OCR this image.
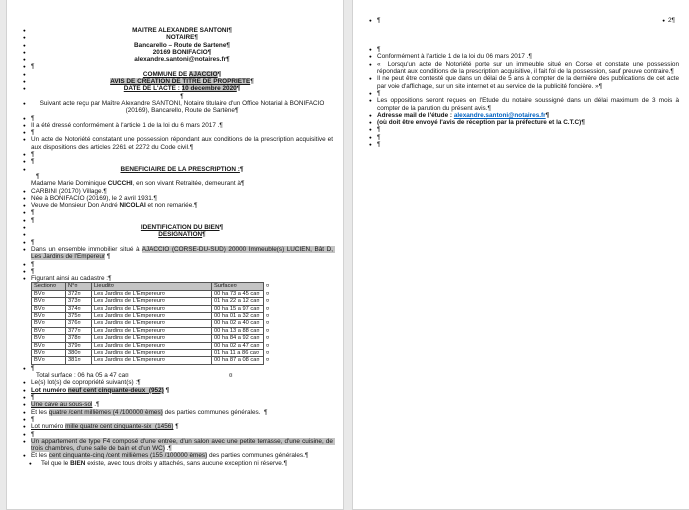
●	MAITRE ALEXANDRE SANTONI¶
●	NOTAIRE¶
●	Bancarello – Route de Sartene¶
●	20169 BONIFACIO¶
●	alexandre.santoni@notaires.fr¶
● ¶
●	COMMUNE DE AJACCIO¶
●	AVIS DE CREATION DE TITRE DE PROPRIETE¶
●	DATE DE L'ACTE : 10 decembre 2020¶
¶
●	Suivant acte reçu par Maître Alexandre SANTONI, Notaire titulaire d'un Office Notarial à BONIFACIO (20169), Bancarello, Route de Sartène¶
● ¶
● Il a été dressé conformément à l'article 1 de la loi du 6 mars 2017 .¶
● ¶
● Un acte de Notoriété constatant une possession répondant aux conditions de la prescription acquisitive et aux dispositions des articles 2261 et 2272 du Code civil.¶
● ¶
● ¶
●	BENEFICIAIRE DE LA PRESCRIPTION :¶
¶
Madame Marie Dominique CUCCHI, en son vivant Retraitée, demeurant à¶
● CARBINI (20170) Village.¶
● Née à BONIFACIO (20169), le 2 avril 1931.¶
● Veuve de Monsieur Don André NICOLAI et non remariée.¶
● ¶
● ¶
●	IDENTIFICATION DU BIEN¶
●	DESIGNATION¶
● ¶
● Dans un ensemble immobilier situé à AJACCIO (CORSE-DU-SUD) 20000 Immeuble(s) LUCIEN, Bât D, Les Jardins de l'Empereur ¶
● ¶
● ¶
● Figurant ainsi au cadastre :¶
Section¤	N°¤	Lieudit¤	Surface¤	¤
BV¤	372¤	Les Jardins de L'Empereur¤	00 ha 73 a 45 ca¤	¤
BV¤	373¤	Les Jardins de L'Empereur¤	01 ha 22 a 12 ca¤	¤
BV¤	374¤	Les Jardins de L'Empereur¤	00 ha 15 a 97 ca¤	¤
BV¤	375¤	Les Jardins de L'Empereur¤	00 ha 01 a 32 ca¤	¤
BV¤	376¤	Les Jardins de L'Empereur¤	00 ha 02 a 40 ca¤	¤
BV¤	377¤	Les Jardins de L'Empereur¤	00 ha 13 a 88 ca¤	¤
BV¤	378¤	Les Jardins de L'Empereur¤	00 ha 84 a 92 ca¤	¤
BV¤	379¤	Les Jardins de L'Empereur¤	00 ha 02 a 47 ca¤	¤
BV¤	380¤	Les Jardins de L'Empereur¤	01 ha 11 a 86 ca¤	¤
BV¤	381¤	Les Jardins de L'Empereur¤	00 ha 87 a 08 ca¤	¤
● ¶
Total surface : 06 ha 05 a 47 ca¤	¤
● Le(s) lot(s) de copropriété suivant(s) :¶
● Lot numéro neuf cent cinquante-deux  (952) ¶
● ¶
● Une cave au sous-sol .¶
● Et les quatre /cent millièmes (4 /100000 èmes) des parties communes générales.  ¶
● ¶
● Lot numéro mille quatre cent cinquante-six  (1456) ¶
● ¶
● Un appartement de type F4 composé d'une entrée, d'un salon avec une petite terrasse, d'une cuisine, de trois chambres, d'une salle de bain et d'un WC) .¶
● Et les cent cinquante-cinq /cent millièmes (155 /100000 èmes) des parties communes générales.¶
●	Tel que le BIEN existe, avec tous droits y attachés, sans aucune exception ni réserve.¶
● ¶	● 2¶
● ¶
● Conformément à l'article 1 de la loi du 06 mars 2017 .¶
● «  Lorsqu'un acte de Notoriété porte sur un immeuble situé en Corse et constate une possession répondant aux conditions de la prescription acquisitive, il fait foi de la possession, sauf preuve contraire.¶
● Il ne peut être contesté que dans un délai de 5 ans à compter de la dernière des publications de cet acte par voie d'affichage, sur un site internet et au service de la publicité foncière. »¶
● ¶
● Les oppositions seront reçues en l'Etude du notaire soussigné dans un délai maximum de 3 mois à compter de la parution du présent avis.¶
● Adresse mail de l'étude : alexandre.santoni@notaires.fr¶
● (où doit être envoyé l'avis de réception par la préfecture et la C.T.C)¶
● ¶
● ¶
● ¶
